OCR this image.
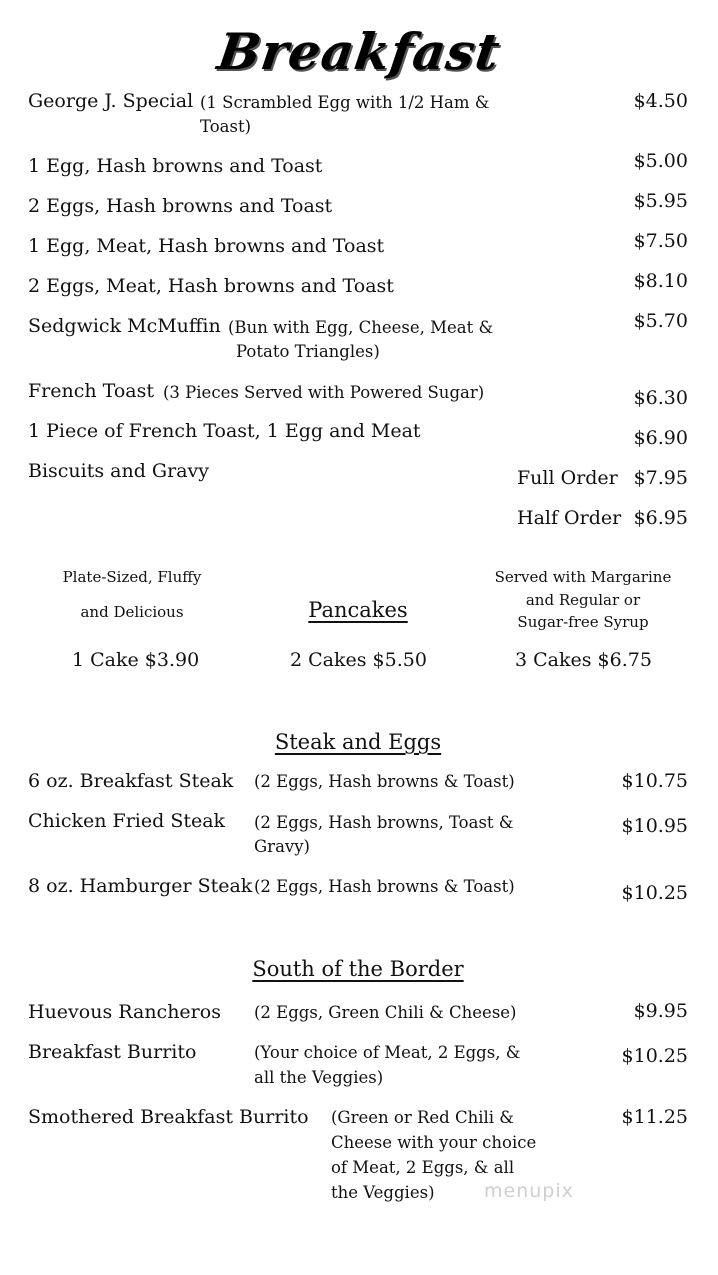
Breakfast
George J. Special (1 Scrambled Egg with 1/2 Ham &
Toast)
$4.50
1 Egg, Hash browns and Toast	$5.00
2 Eggs, Hash browns and Toast	$5.95
1 Egg, Meat, Hash browns and Toast	$7.50
2 Eggs, Meat, Hash browns and Toast	$8.10
Sedgwick McMuffin (Bun with Egg, Cheese, Meat &
Potato Triangles)
$5.70
French Toast (3 Pieces Served with Powered Sugar)	$6.30
1 Piece of French Toast, 1 Egg and Meat	$6.90
Biscuits and Gravy	Full Order $7.95
Half Order $6.95
Plate-Sized, Fluffy
and Delicious	Pancakes
Served with Margarine
and Regular or
Sugar-free Syrup
1 Cake $3.90	2 Cakes $5.50	3 Cakes $6.75
Steak and Eggs
6 oz. Breakfast Steak (2 Eggs, Hash browns & Toast)	$10.75
Chicken Fried Steak (2 Eggs, Hash browns, Toast &
Gravy)
$10.95
8 oz. Hamburger Steak (2 Eggs, Hash browns & Toast)	$10.25
South of the Border
Huevous Rancheros (2 Eggs, Green Chili & Cheese)	$9.95
Breakfast Burrito	(Your choice of Meat, 2 Eggs, &
all the Veggies)
$10.25
Smothered Breakfast Burrito (Green or Red Chili &
Cheese with your choice
of Meat, 2 Eggs, & all
the Veggies)
$11.25
menupix
